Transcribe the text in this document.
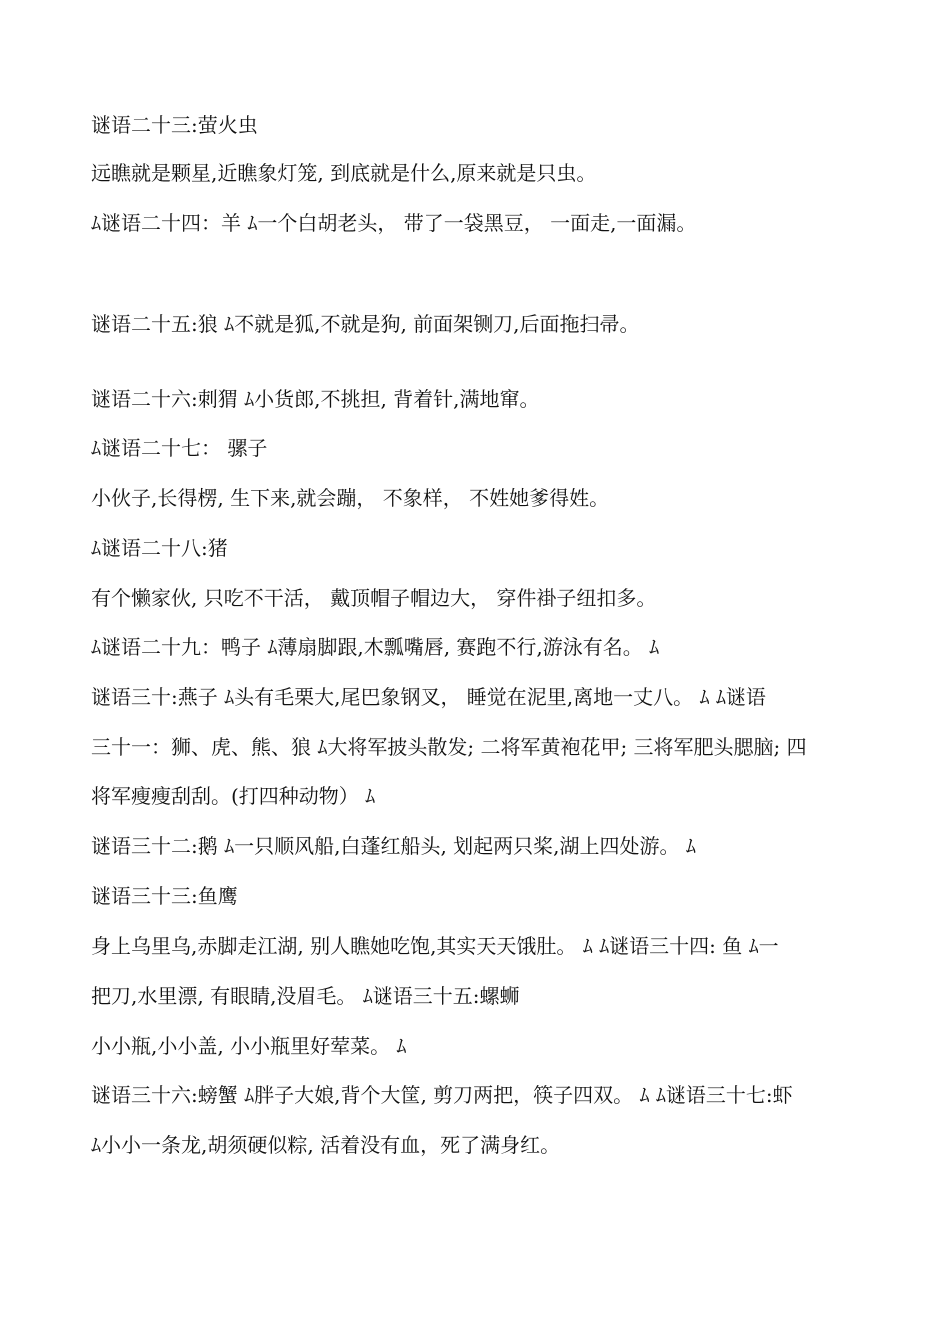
谜语二十三:萤火虫
远瞧就是颗星,近瞧象灯笼, 到底就是什么,原来就是只虫。
ﾑ谜语二十四：羊 ﾑ一个白胡老头， 带了一袋黑豆， 一面走,一面漏。
谜语二十五:狼 ﾑ不就是狐,不就是狗, 前面架铡刀,后面拖扫帚。
谜语二十六:刺猬 ﾑ小货郎,不挑担, 背着针,满地窜。
ﾑ谜语二十七： 骡子
小伙子,长得楞, 生下来,就会蹦， 不象样， 不姓她爹得姓。
ﾑ谜语二十八:猪
有个懒家伙, 只吃不干活， 戴顶帽子帽边大， 穿件褂子纽扣多。
ﾑ谜语二十九：鸭子 ﾑ薄扇脚跟,木瓢嘴唇, 赛跑不行,游泳有名。 ﾑ
谜语三十:燕子 ﾑ头有毛栗大,尾巴象钢叉， 睡觉在泥里,离地一丈八。 ﾑ ﾑ谜语
三十一：狮、虎、熊、狼 ﾑ大将军披头散发; 二将军黄袍花甲; 三将军肥头腮脑; 四
将军瘦瘦刮刮。(打四种动物） ﾑ
谜语三十二:鹅 ﾑ一只顺风船,白蓬红船头, 划起两只桨,湖上四处游。 ﾑ
谜语三十三:鱼鹰
身上乌里乌,赤脚走江湖, 别人瞧她吃饱,其实天天饿肚。 ﾑ ﾑ谜语三十四: 鱼 ﾑ一
把刀,水里漂, 有眼睛,没眉毛。 ﾑ谜语三十五:螺蛳
小小瓶,小小盖, 小小瓶里好荤菜。 ﾑ
谜语三十六:螃蟹 ﾑ胖子大娘,背个大筐, 剪刀两把，筷子四双。 ﾑ ﾑ谜语三十七:虾
ﾑ小小一条龙,胡须硬似粽, 活着没有血，死了满身红。
